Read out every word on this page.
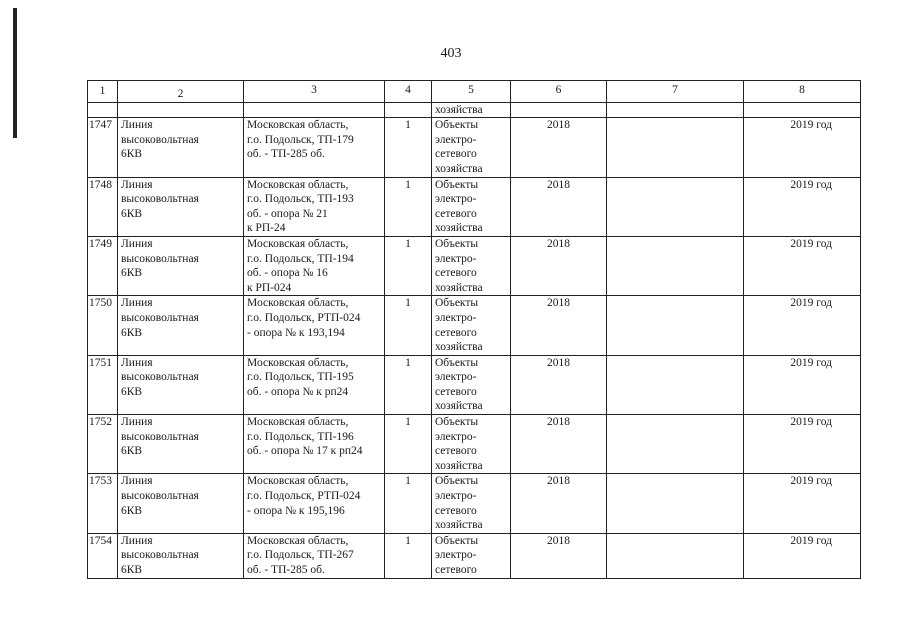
403
1	2	3	4	5	6	7	8

				хозяйства			
1747	Линия
высоковольтная
6КВ	Московская область,
г.о. Подольск, ТП-179
об. - ТП-285 об.	1	Объекты
электро-
сетевого
хозяйства	2018		2019 год
1748	Линия
высоковольтная
6КВ	Московская область,
г.о. Подольск, ТП-193
об. - опора № 21
к РП-24	1	Объекты
электро-
сетевого
хозяйства	2018		2019 год
1749	Линия
высоковольтная
6КВ	Московская область,
г.о. Подольск, ТП-194
об. - опора № 16
к РП-024	1	Объекты
электро-
сетевого
хозяйства	2018		2019 год
1750	Линия
высоковольтная
6КВ	Московская область,
г.о. Подольск, РТП-024
- опора № к 193,194	1	Объекты
электро-
сетевого
хозяйства	2018		2019 год
1751	Линия
высоковольтная
6КВ	Московская область,
г.о. Подольск, ТП-195
об. - опора № к рп24	1	Объекты
электро-
сетевого
хозяйства	2018		2019 год
1752	Линия
высоковольтная
6КВ	Московская область,
г.о. Подольск, ТП-196
об. - опора № 17 к рп24	1	Объекты
электро-
сетевого
хозяйства	2018		2019 год
1753	Линия
высоковольтная
6КВ	Московская область,
г.о. Подольск, РТП-024
- опора № к 195,196	1	Объекты
электро-
сетевого
хозяйства	2018		2019 год
1754	Линия
высоковольтная
6КВ	Московская область,
г.о. Подольск, ТП-267
об. - ТП-285 об.	1	Объекты
электро-
сетевого	2018		2019 год
